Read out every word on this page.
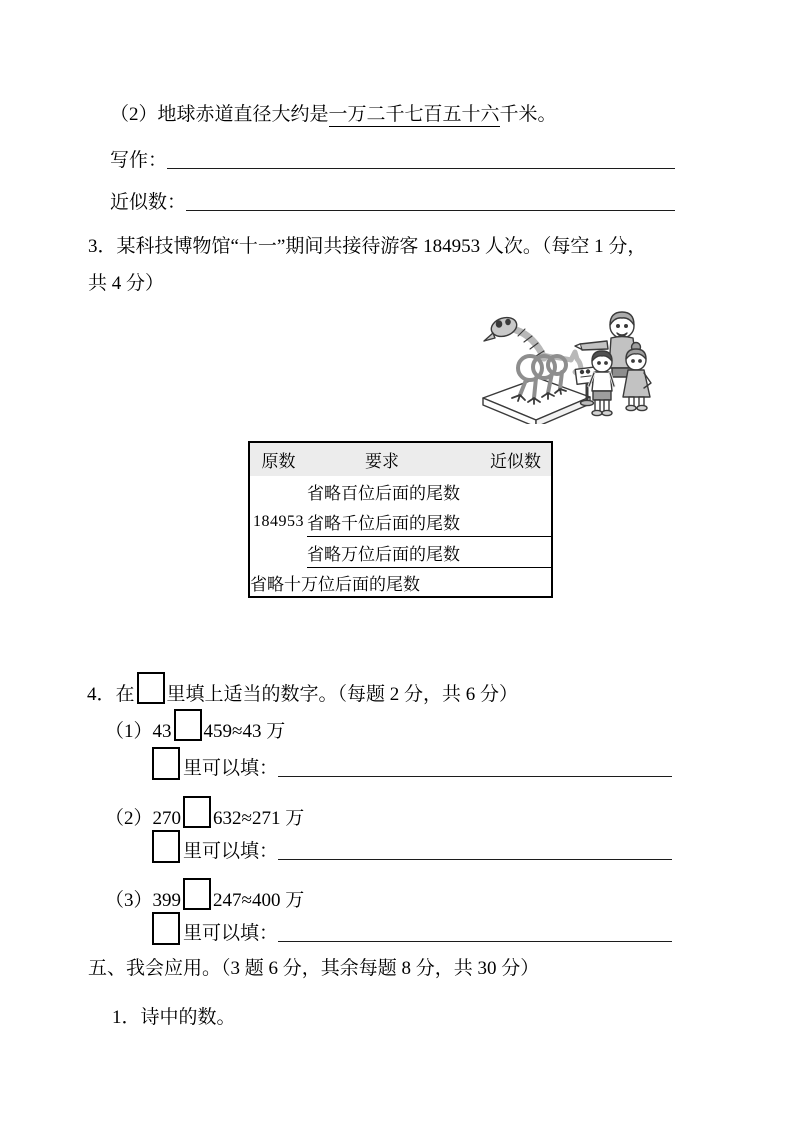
（2）地球赤道直径大约是一万二千七百五十六千米。
写作：
近似数：
3．某科技博物馆“十一”期间共接待游客 184953 人次。（每空 1 分，
共 4 分）
原数	要求 近似数

184953	省略百位后面的尾数
	省略千位后面的尾数
	省略万位后面的尾数
省略十万位后面的尾数	
4．在 里填上适当的数字。（每题 2 分，共 6 分）
（1）43 459≈43 万
里可以填：
（2）270 632≈271 万
里可以填：
（3）399 247≈400 万
里可以填：
五、我会应用。（3 题 6 分，其余每题 8 分，共 30 分）
1．诗中的数。
